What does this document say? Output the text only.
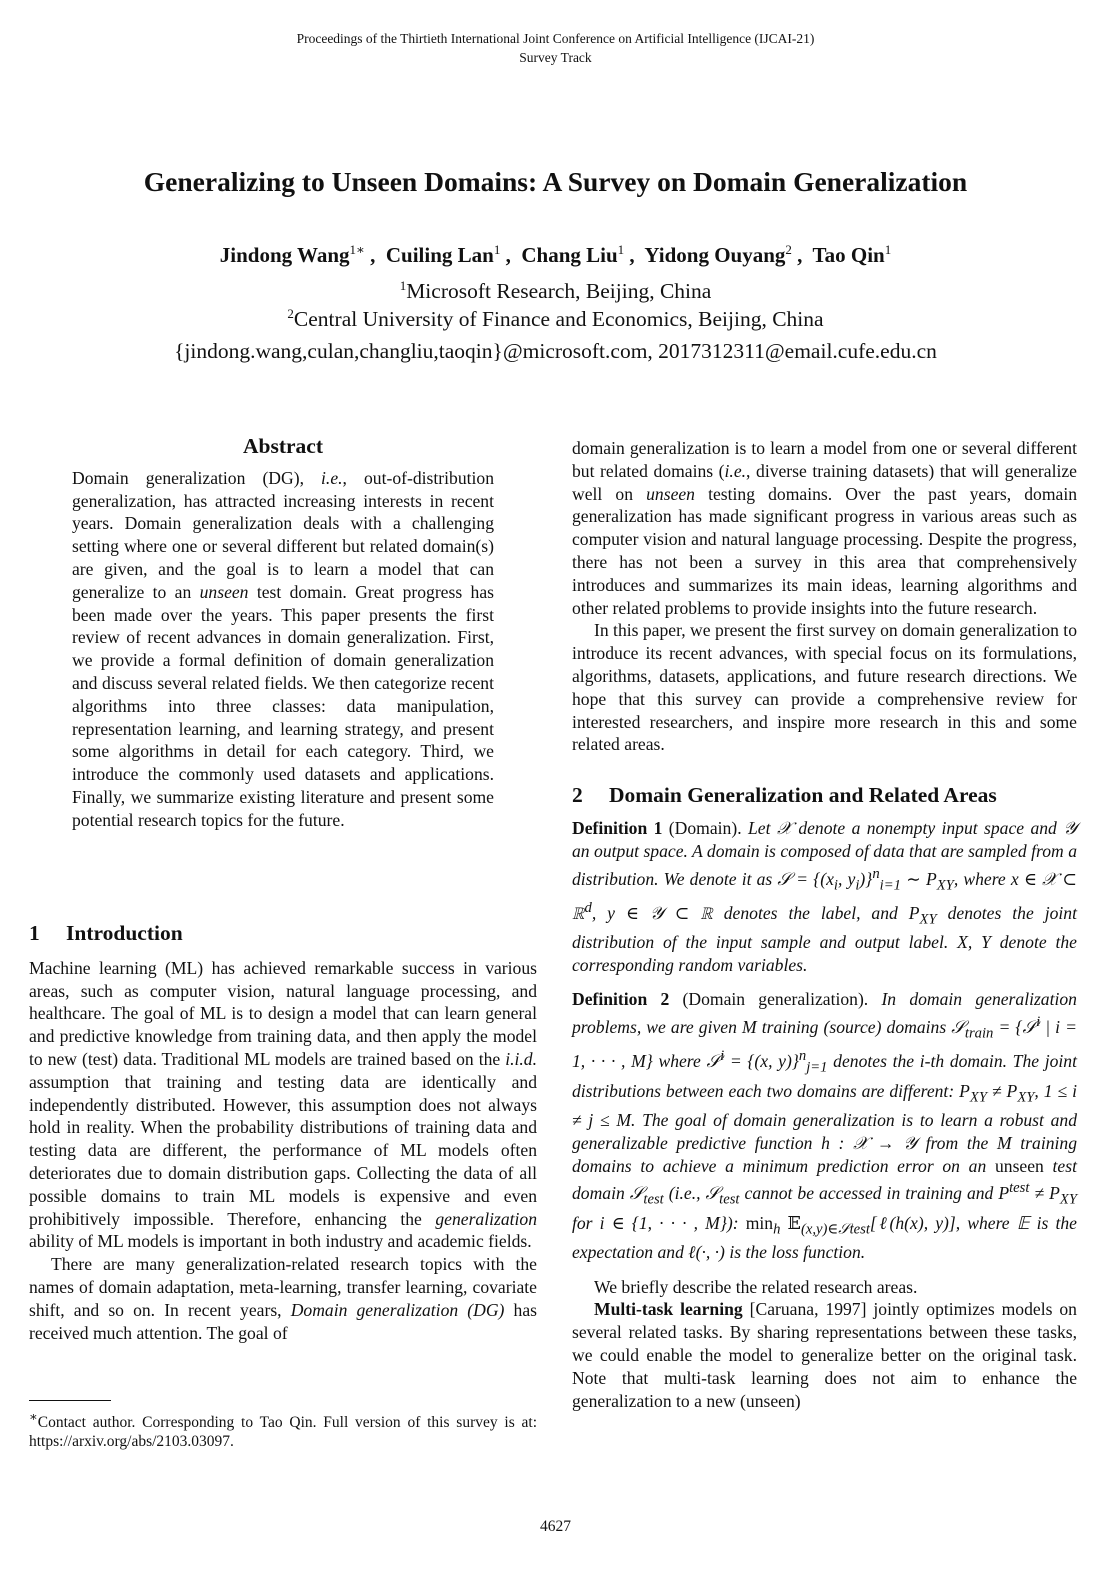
Proceedings of the Thirtieth International Joint Conference on Artificial Intelligence (IJCAI-21)
Survey Track
Generalizing to Unseen Domains: A Survey on Domain Generalization
Jindong Wang$^{1∗}$ ,  Cuiling Lan$^1$ ,  Chang Liu$^1$ ,  Yidong Ouyang$^2$ ,  Tao Qin$^1$
$^1$Microsoft Research, Beijing, China
$^2$Central University of Finance and Economics, Beijing, China
{jindong.wang,culan,changliu,taoqin}@microsoft.com, 2017312311@email.cufe.edu.cn
Abstract

Domain generalization (DG), i.e., out-of-distribution generalization, has attracted increasing interests in recent years. Domain generalization deals with a challenging setting where one or several different but related domain(s) are given, and the goal is to learn a model that can generalize to an unseen test domain. Great progress has been made over the years. This paper presents the first review of recent advances in domain generalization. First, we provide a formal definition of domain generalization and discuss several related fields. We then categorize recent algorithms into three classes: data manipulation, representation learning, and learning strategy, and present some algorithms in detail for each category. Third, we introduce the commonly used datasets and applications. Finally, we summarize existing literature and present some potential research topics for the future.

1 Introduction

Machine learning (ML) has achieved remarkable success in various areas, such as computer vision, natural language processing, and healthcare. The goal of ML is to design a model that can learn general and predictive knowledge from training data, and then apply the model to new (test) data. Traditional ML models are trained based on the i.i.d. assumption that training and testing data are identically and independently distributed. However, this assumption does not always hold in reality. When the probability distributions of training data and testing data are different, the performance of ML models often deteriorates due to domain distribution gaps. Collecting the data of all possible domains to train ML models is expensive and even prohibitively impossible. Therefore, enhancing the generalization ability of ML models is important in both industry and academic fields.

There are many generalization-related research topics with the names of domain adaptation, meta-learning, transfer learning, covariate shift, and so on. In recent years, Domain generalization (DG) has received much attention. The goal of

∗Contact author. Corresponding to Tao Qin. Full version of this survey is at: https://arxiv.org/abs/2103.03097.

domain generalization is to learn a model from one or several different but related domains (i.e., diverse training datasets) that will generalize well on unseen testing domains. Over the past years, domain generalization has made significant progress in various areas such as computer vision and natural language processing. Despite the progress, there has not been a survey in this area that comprehensively introduces and summarizes its main ideas, learning algorithms and other related problems to provide insights into the future research.

In this paper, we present the first survey on domain generalization to introduce its recent advances, with special focus on its formulations, algorithms, datasets, applications, and future research directions. We hope that this survey can provide a comprehensive review for interested researchers, and inspire more research in this and some related areas.

2 Domain Generalization and Related Areas

Definition 1 (Domain). Let 𝒳 denote a nonempty input space and 𝒴 an output space. A domain is composed of data that are sampled from a distribution. We denote it as 𝒮 = {($x_i$, $y_i)\}^n_{i=1}$ ∼ $P_{XY}$, where x ∈ 𝒳 ⊂ ℝ$^d$, y ∈ 𝒴 ⊂ ℝ denotes the label, and $P_{XY}$ denotes the joint distribution of the input sample and output label. X, Y denote the corresponding random variables.

Definition 2 (Domain generalization). In domain generalization problems, we are given M training (source) domains 𝒮$_{train}$ = {𝒮$^i$ | i = 1, · · · , M} where 𝒮$^i$ = {(x, y)}$^n_{j=1}$ denotes the i-th domain. The joint distributions between each two domains are different: $P_{XY} \ne P_{XY}$, 1 ≤ i ≠ j ≤ M. The goal of domain generalization is to learn a robust and generalizable predictive function h : 𝒳 → 𝒴 from the M training domains to achieve a minimum prediction error on an unseen test domain 𝒮$_{test}$ (i.e., 𝒮$_{test}$ cannot be accessed in training and $P^{test} \ne P_{XY}$ for i ∈ {1, · · · , M}): $\min_h$ 𝔼$_{(x,y)\in 𝒮test}$[ℓ(h(x), y)], where 𝔼 is the expectation and ℓ(·, ·) is the loss function.

We briefly describe the related research areas.

Multi-task learning [Caruana, 1997] jointly optimizes models on several related tasks. By sharing representations between these tasks, we could enable the model to generalize better on the original task. Note that multi-task learning does not aim to enhance the generalization to a new (unseen)

4627
